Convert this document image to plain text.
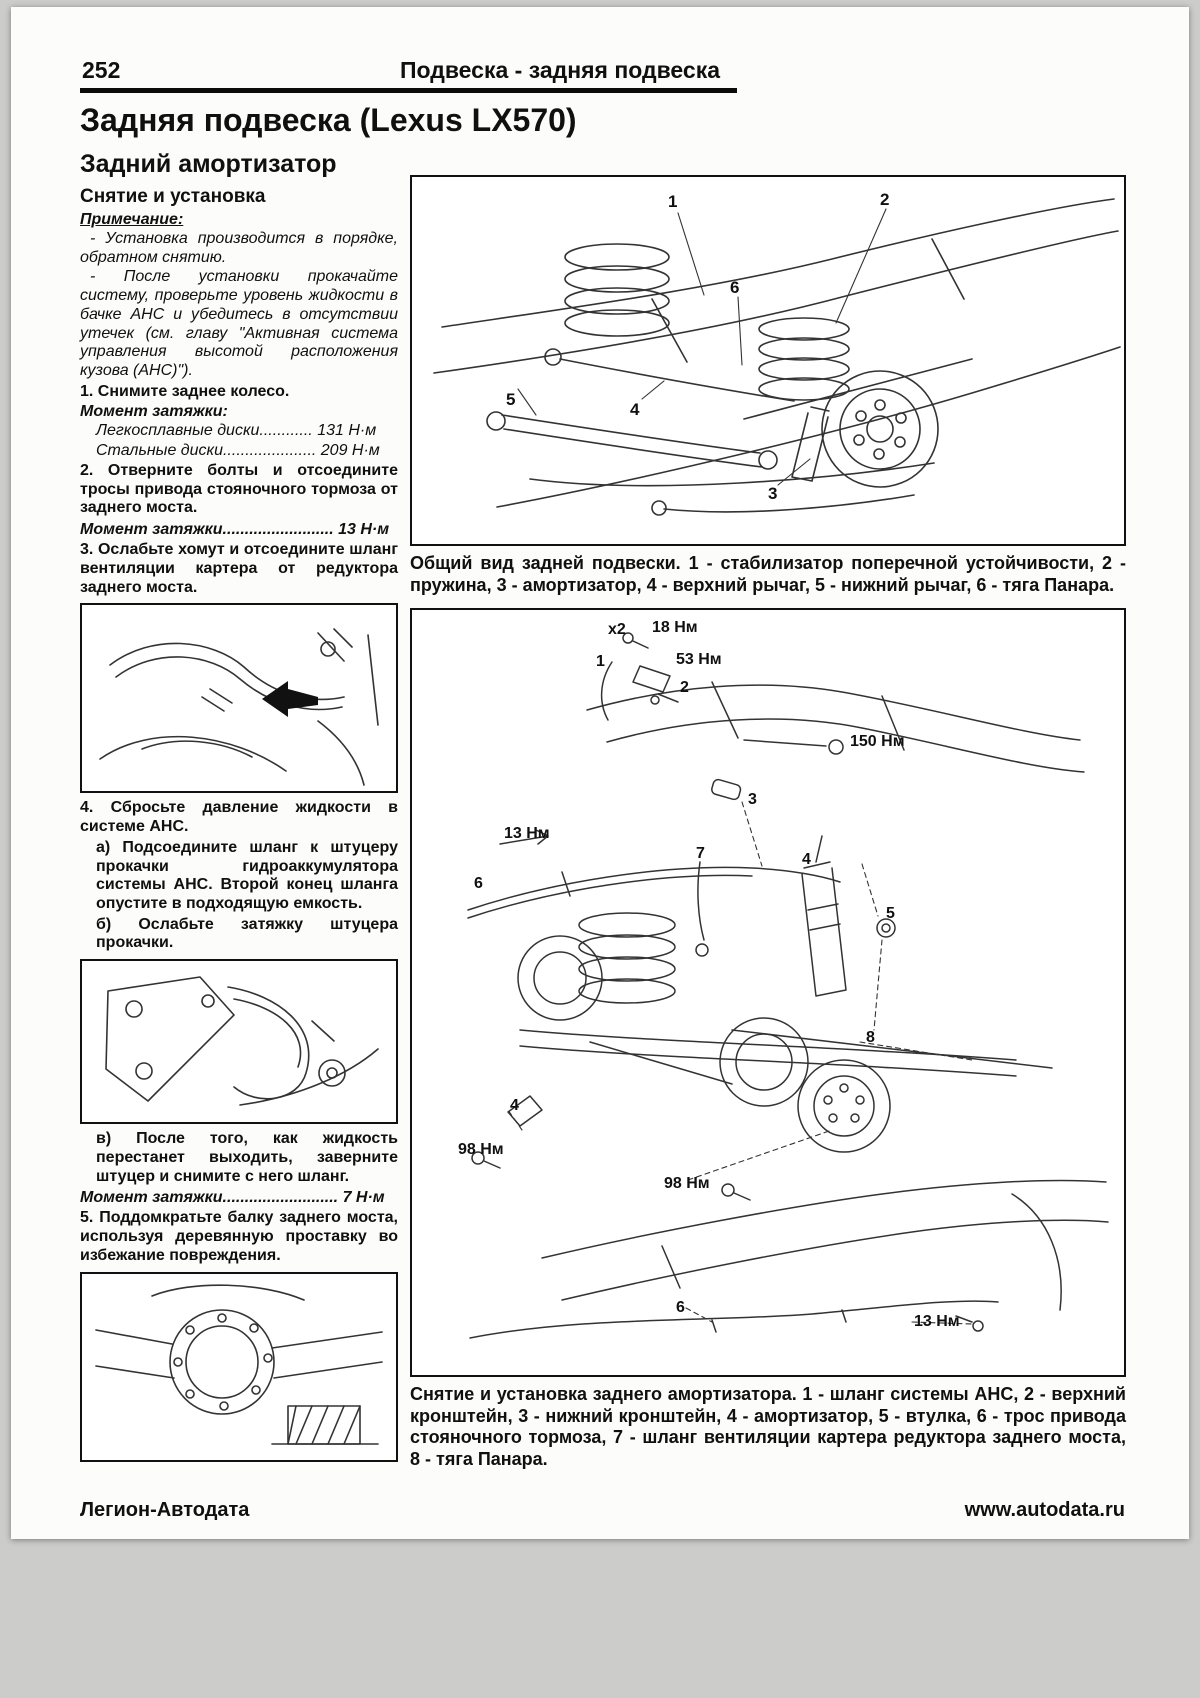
252	Подвеска - задняя подвеска
Задняя подвеска (Lexus LX570)
Задний амортизатор
Снятие и установка

Примечание:

- Установка производится в порядке, обратном снятию.

- После установки прокачайте систему, проверьте уровень жидкости в бачке AHC и убедитесь в отсутствии утечек (см. главу "Активная система управления высотой расположения кузова (AHC)").

1. Снимите заднее колесо.

Момент затяжки:

Легкосплавные диски............ 131 Н·м

Стальные диски..................... 209 Н·м

2. Отверните болты и отсоедините тросы привода стояночного тормоза от заднего моста.

Момент затяжки......................... 13 Н·м

3. Ослабьте хомут и отсоедините шланг вентиляции картера от редуктора заднего моста.

4. Сбросьте давление жидкости в системе AHC.

а) Подсоедините шланг к штуцеру прокачки гидроаккумулятора системы AHC. Второй конец шланга опустите в подходящую емкость.

б) Ослабьте затяжку штуцера прокачки.

в) После того, как жидкость перестанет выходить, заверните штуцер и снимите с него шланг.

Момент затяжки.......................... 7 Н·м

5. Поддомкратьте балку заднего моста, используя деревянную проставку во избежание повреждения.

1	2
6
5
4
3

Общий вид задней подвески. 1 - стабилизатор поперечной устойчивости, 2 - пружина, 3 - амортизатор, 4 - верхний рычаг, 5 - нижний рычаг, 6 - тяга Панара.

x2 18 Нм
1	53 Нм
2
150 Нм
3
13 Нм
6
7	4
5
8
4
98 Нм
98 Нм
6
13 Нм

Снятие и установка заднего амортизатора. 1 - шланг системы AHC, 2 - верхний кронштейн, 3 - нижний кронштейн, 4 - амортизатор, 5 - втулка, 6 - трос привода стояночного тормоза, 7 - шланг вентиляции картера редуктора заднего моста, 8 - тяга Панара.

Легион-Автодата	www.autodata.ru
